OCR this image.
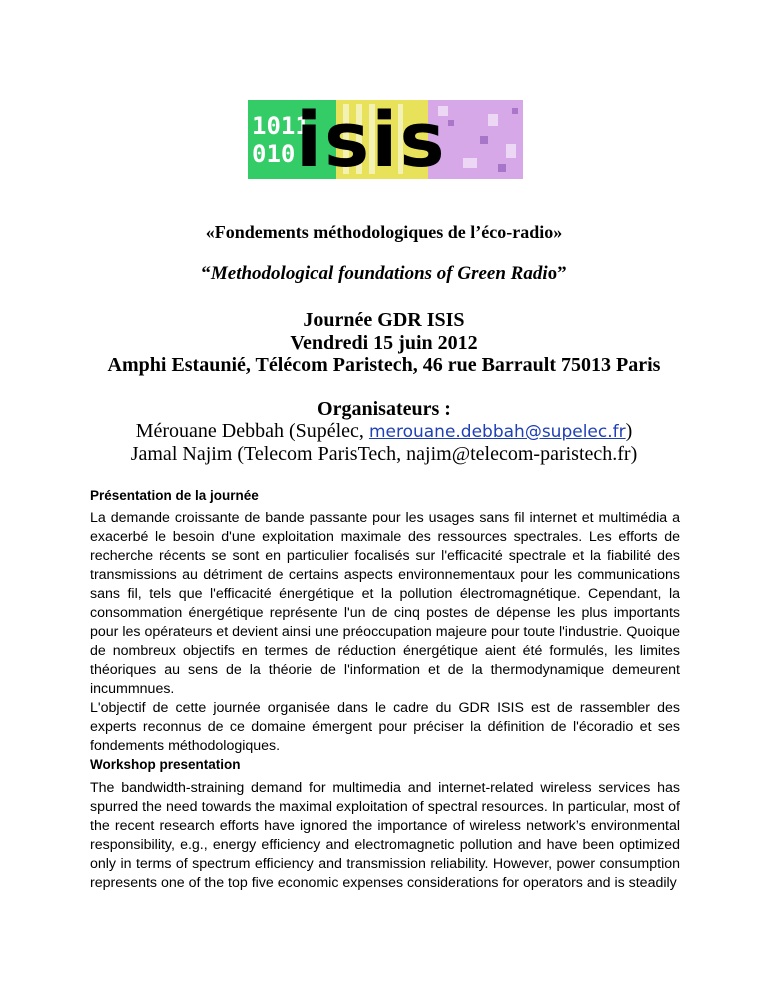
1011
010 isis
«Fondements méthodologiques de l’éco-radio»
“Methodological foundations of Green Radio”
Journée GDR ISIS
Vendredi 15 juin 2012
Amphi Estaunié, Télécom Paristech, 46 rue Barrault 75013 Paris
Organisateurs :
Mérouane Debbah (Supélec, merouane.debbah@supelec.fr)
Jamal Najim (Telecom ParisTech, najim@telecom-paristech.fr)
Présentation de la journée

La demande croissante de bande passante pour les usages sans fil internet et multimédia a exacerbé le besoin d'une exploitation maximale des ressources spectrales. Les efforts de recherche récents se sont en particulier focalisés sur l'efficacité spectrale et la fiabilité des transmissions au détriment de certains aspects environnementaux pour les communications sans fil, tels que l'efficacité énergétique et la pollution électromagnétique. Cependant, la consommation énergétique représente l'un de cinq postes de dépense les plus importants pour les opérateurs et devient ainsi une préoccupation majeure pour toute l'industrie. Quoique de nombreux objectifs en termes de réduction énergétique aient été formulés, les limites théoriques au sens de la théorie de l'information et de la thermodynamique demeurent incummnues.

L'objectif de cette journée organisée dans le cadre du GDR ISIS est de rassembler des experts reconnus de ce domaine émergent pour préciser la définition de l'écoradio et ses fondements méthodologiques.

Workshop presentation

The bandwidth-straining demand for multimedia and internet-related wireless services has spurred the need towards the maximal exploitation of spectral resources. In particular, most of the recent research efforts have ignored the importance of wireless network’s environmental responsibility, e.g., energy efficiency and electromagnetic pollution and have been optimized only in terms of spectrum efficiency and transmission reliability. However, power consumption represents one of the top five economic expenses considerations for operators and is steadily
